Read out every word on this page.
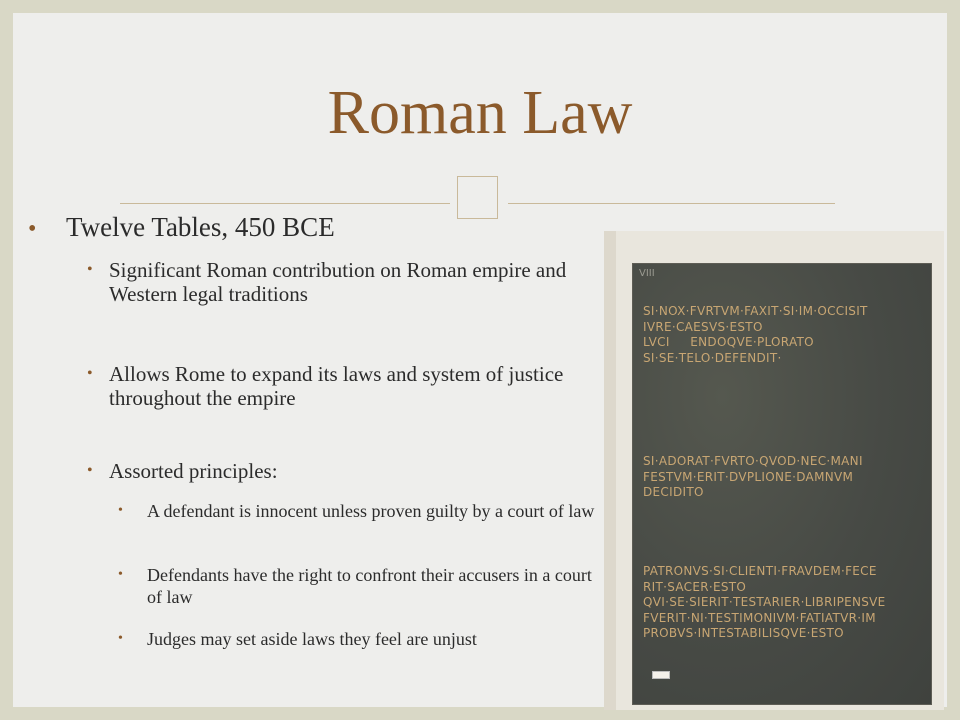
Roman Law
• Twelve Tables, 450 BCE
• Significant Roman contribution on Roman empire and Western legal traditions
• Allows Rome to expand its laws and system of justice throughout the empire
• Assorted principles:
• A defendant is innocent unless proven guilty by a court of law
• Defendants have the right to confront their accusers in a court of law
• Judges may set aside laws they feel are unjust
VIII
SI·NOX·FVRTVM·FAXIT·SI·IM·OCCISIT
IVRE·CAESVS·ESTO
LVCI     ENDOQVE·PLORATO
SI·SE·TELO·DEFENDIT·
SI·ADORAT·FVRTO·QVOD·NEC·MANI
FESTVM·ERIT·DVPLIONE·DAMNVM
DECIDITO
PATRONVS·SI·CLIENTI·FRAVDEM·FECE
RIT·SACER·ESTO
QVI·SE·SIERIT·TESTARIER·LIBRIPENSVE
FVERIT·NI·TESTIMONIVM·FATIATVR·IM
PROBVS·INTESTABILISQVE·ESTO
